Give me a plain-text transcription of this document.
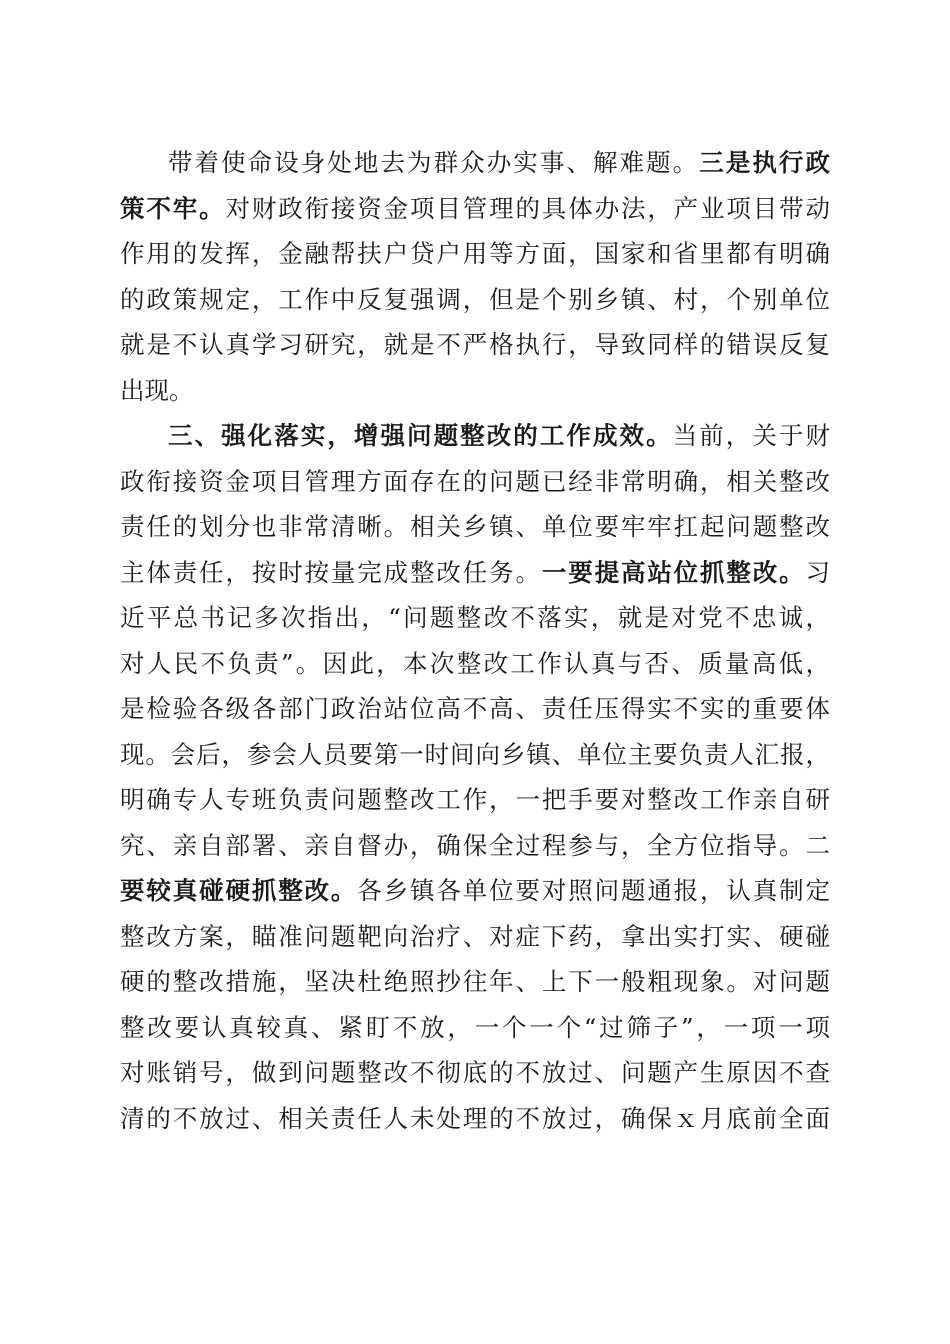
带着使命设身处地去为群众办实事、解难题。三是执行政
策不牢。对财政衔接资金项目管理的具体办法，产业项目带动
作用的发挥，金融帮扶户贷户用等方面，国家和省里都有明确
的政策规定，工作中反复强调，但是个别乡镇、村，个别单位
就是不认真学习研究，就是不严格执行，导致同样的错误反复
出现。
三、强化落实，增强问题整改的工作成效。当前，关于财
政衔接资金项目管理方面存在的问题已经非常明确，相关整改
责任的划分也非常清晰。相关乡镇、单位要牢牢扛起问题整改
主体责任，按时按量完成整改任务。一要提高站位抓整改。习
近平总书记多次指出，“问题整改不落实，就是对党不忠诚，
对人民不负责”。因此，本次整改工作认真与否、质量高低，
是检验各级各部门政治站位高不高、责任压得实不实的重要体
现。会后，参会人员要第一时间向乡镇、单位主要负责人汇报，
明确专人专班负责问题整改工作，一把手要对整改工作亲自研
究、亲自部署、亲自督办，确保全过程参与，全方位指导。二
要较真碰硬抓整改。各乡镇各单位要对照问题通报，认真制定
整改方案，瞄准问题靶向治疗、对症下药，拿出实打实、硬碰
硬的整改措施，坚决杜绝照抄往年、上下一般粗现象。对问题
整改要认真较真、紧盯不放，一个一个“过筛子”，一项一项
对账销号，做到问题整改不彻底的不放过、问题产生原因不查
清的不放过、相关责任人未处理的不放过，确保ｘ月底前全面
